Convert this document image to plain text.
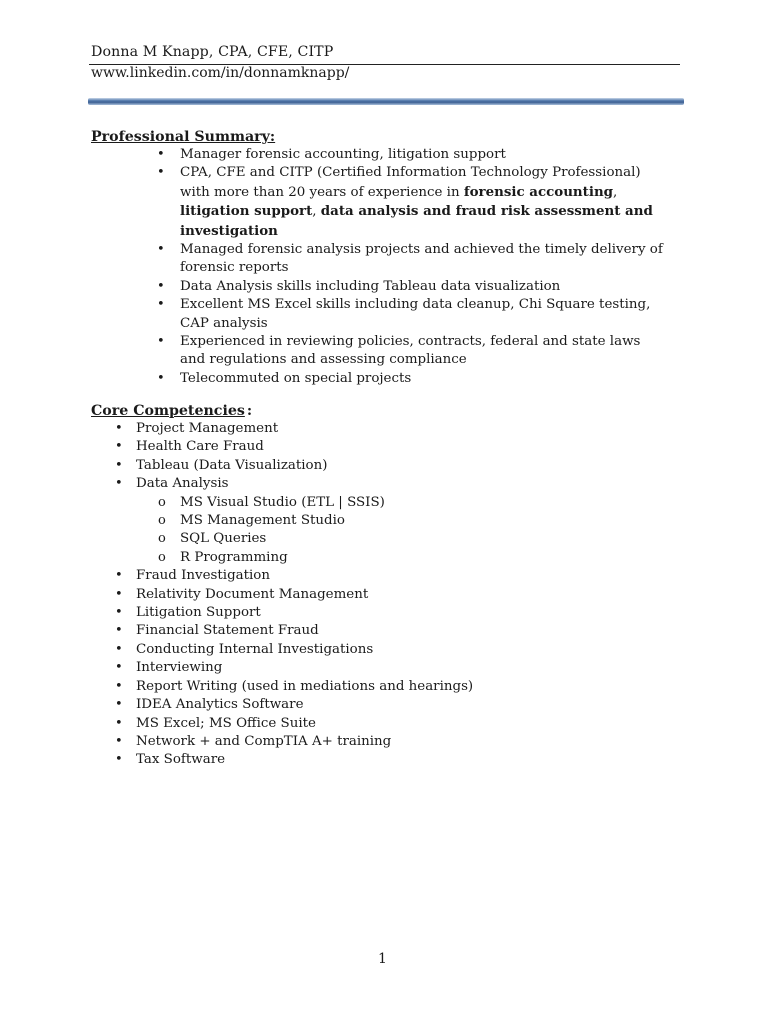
Donna M Knapp, CPA, CFE, CITP
www.linkedin.com/in/donnamknapp/
Professional Summary:
• Manager forensic accounting, litigation support
• CPA, CFE and CITP (Certified Information Technology Professional) with more than 20 years of experience in forensic accounting, litigation support, data analysis and fraud risk assessment and investigation
• Managed forensic analysis projects and achieved the timely delivery of forensic reports
• Data Analysis skills including Tableau data visualization
• Excellent MS Excel skills including data cleanup, Chi Square testing, CAP analysis
• Experienced in reviewing policies, contracts, federal and state laws and regulations and assessing compliance
• Telecommuted on special projects
Core Competencies :
• Project Management
• Health Care Fraud
• Tableau (Data Visualization)
• Data Analysis
o MS Visual Studio (ETL | SSIS)
o MS Management Studio
o SQL Queries
o R Programming
• Fraud Investigation
• Relativity Document Management
• Litigation Support
• Financial Statement Fraud
• Conducting Internal Investigations
• Interviewing
• Report Writing (used in mediations and hearings)
• IDEA Analytics Software
• MS Excel; MS Office Suite
• Network + and CompTIA A+ training
• Tax Software
1
